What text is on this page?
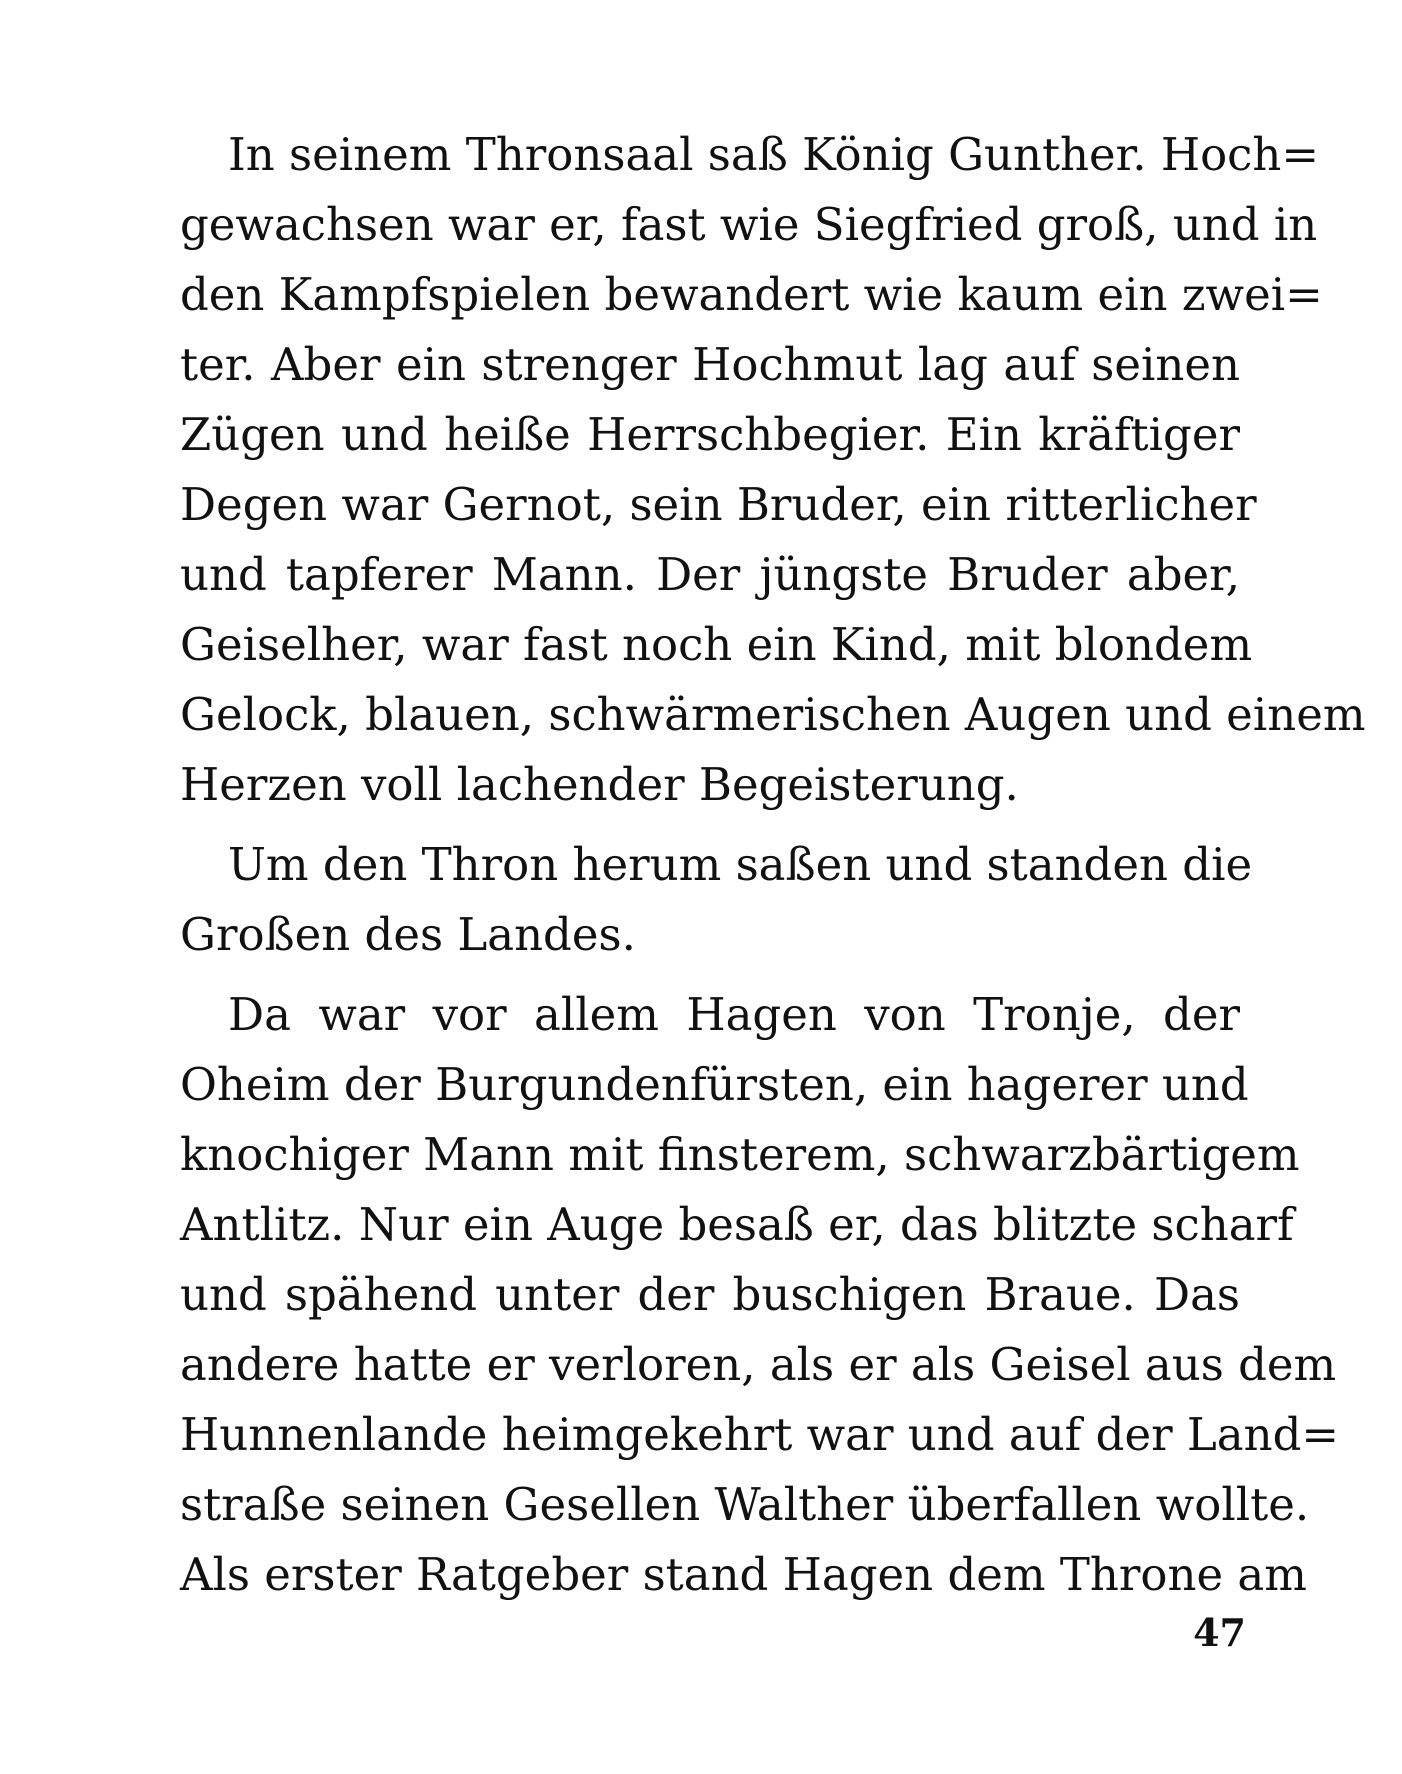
In seinem Thronsaal saß König Gunther. Hoch=
gewachsen war er, fast wie Siegfried groß, und in
den Kampfspielen bewandert wie kaum ein zwei=
ter. Aber ein strenger Hochmut lag auf seinen
Zügen und heiße Herrschbegier. Ein kräftiger
Degen war Gernot, sein Bruder, ein ritterlicher
und tapferer Mann. Der jüngste Bruder aber,
Geiselher, war fast noch ein Kind, mit blondem
Gelock, blauen, schwärmerischen Augen und einem
Herzen voll lachender Begeisterung.
Um den Thron herum saßen und standen die
Großen des Landes.
Da war vor allem Hagen von Tronje, der
Oheim der Burgundenfürsten, ein hagerer und
knochiger Mann mit finsterem, schwarzbärtigem
Antlitz. Nur ein Auge besaß er, das blitzte scharf
und spähend unter der buschigen Braue. Das
andere hatte er verloren, als er als Geisel aus dem
Hunnenlande heimgekehrt war und auf der Land=
straße seinen Gesellen Walther überfallen wollte.
Als erster Ratgeber stand Hagen dem Throne am
47
